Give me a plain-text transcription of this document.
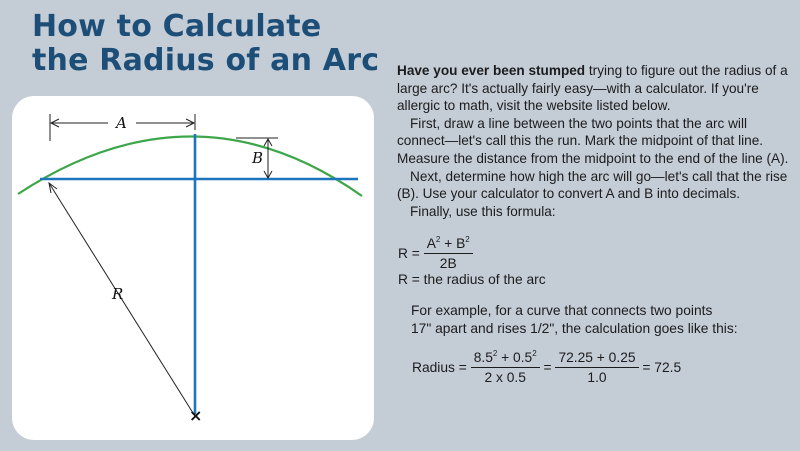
How to Calculate
the Radius of an Arc
A
B
R
×

Have you ever been stumped trying to figure out the radius of a large arc? It's actually fairly easy—with a calculator. If you're allergic to math, visit the website listed below.

First, draw a line between the two points that the arc will connect—let's call this the run. Mark the midpoint of that line. Measure the distance from the midpoint to the end of the line (A).

Next, determine how high the arc will go—let's call that the rise (B). Use your calculator to convert A and B into decimals.

Finally, use this formula:

$R = \frac{A^2 + B^2}{2B}$
R = the radius of the arc
For example, for a curve that connects two points
17" apart and rises 1/2", the calculation goes like this:
Radius = $\frac{8.5^2 + 0.5^2}{2 x 0.5} = \frac{72.25 + 0.25}{1.0} = 72.5$
